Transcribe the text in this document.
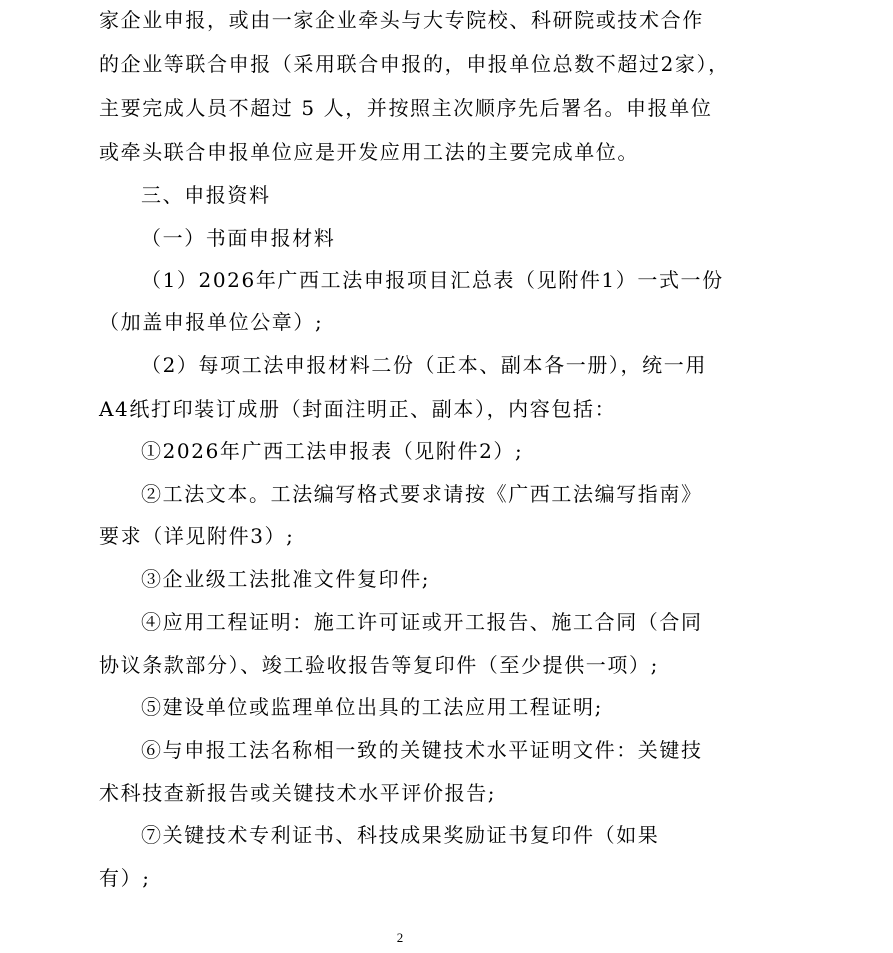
家企业申报，或由一家企业牵头与大专院校、科研院或技术合作
的企业等联合申报（采用联合申报的，申报单位总数不超过2家），
主要完成人员不超过 5 人，并按照主次顺序先后署名。申报单位
或牵头联合申报单位应是开发应用工法的主要完成单位。
三、申报资料
（一）书面申报材料
（1）2026年广西工法申报项目汇总表（见附件1）一式一份
（加盖申报单位公章）;
（2）每项工法申报材料二份（正本、副本各一册），统一用
A4纸打印装订成册（封面注明正、副本），内容包括：
①2026年广西工法申报表（见附件2）;
②工法文本。工法编写格式要求请按《广西工法编写指南》
要求（详见附件3）;
③企业级工法批准文件复印件;
④应用工程证明：施工许可证或开工报告、施工合同（合同
协议条款部分）、竣工验收报告等复印件（至少提供一项）;
⑤建设单位或监理单位出具的工法应用工程证明;
⑥与申报工法名称相一致的关键技术水平证明文件：关键技
术科技查新报告或关键技术水平评价报告;
⑦关键技术专利证书、科技成果奖励证书复印件（如果
有）;
2
